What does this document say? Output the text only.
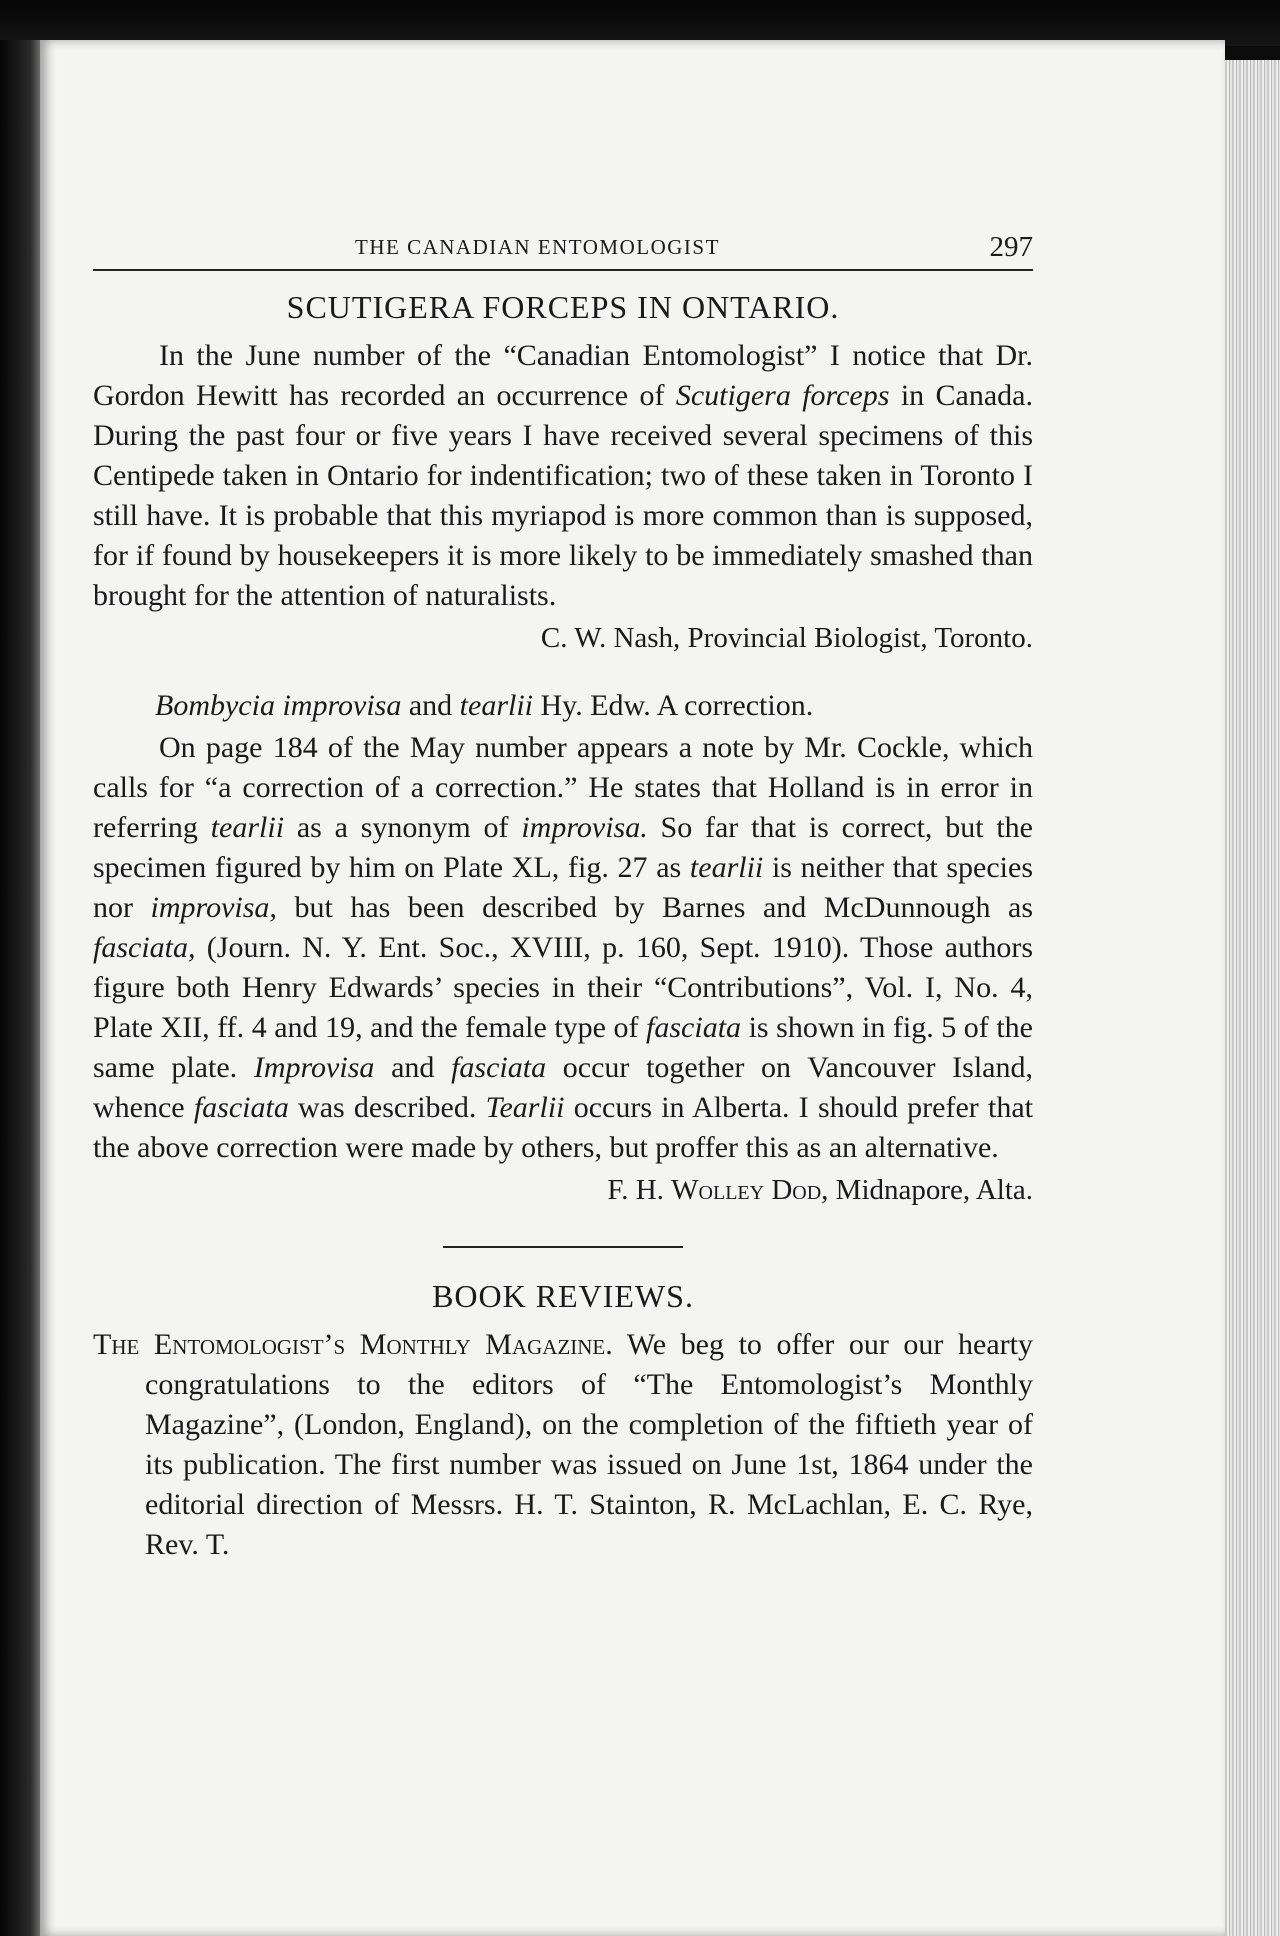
THE CANADIAN ENTOMOLOGIST	297
SCUTIGERA FORCEPS IN ONTARIO.

In the June number of the “Canadian Entomologist” I notice that Dr. Gordon Hewitt has recorded an occurrence of Scutigera forceps in Canada. During the past four or five years I have received several specimens of this Centipede taken in Ontario for indentification; two of these taken in Toronto I still have. It is probable that this myriapod is more common than is supposed, for if found by housekeepers it is more likely to be immediately smashed than brought for the attention of naturalists.

C. W. Nash, Provincial Biologist, Toronto.

Bombycia improvisa and tearlii Hy. Edw. A correction.

On page 184 of the May number appears a note by Mr. Cockle, which calls for “a correction of a correction.” He states that Holland is in error in referring tearlii as a synonym of improvisa. So far that is correct, but the specimen figured by him on Plate XL, fig. 27 as tearlii is neither that species nor improvisa, but has been described by Barnes and McDunnough as fasciata, (Journ. N. Y. Ent. Soc., XVIII, p. 160, Sept. 1910). Those authors figure both Henry Edwards’ species in their “Contributions”, Vol. I, No. 4, Plate XII, ff. 4 and 19, and the female type of fasciata is shown in fig. 5 of the same plate. Improvisa and fasciata occur together on Vancouver Island, whence fasciata was described. Tearlii occurs in Alberta. I should prefer that the above correction were made by others, but proffer this as an alternative.

F. H. Wolley Dod, Midnapore, Alta.

BOOK REVIEWS.

The Entomologist’s Monthly Magazine. We beg to offer our our hearty congratulations to the editors of “The Entomologist’s Monthly Magazine”, (London, England), on the completion of the fiftieth year of its publication. The first number was issued on June 1st, 1864 under the editorial direction of Messrs. H. T. Stainton, R. McLachlan, E. C. Rye, Rev. T.
